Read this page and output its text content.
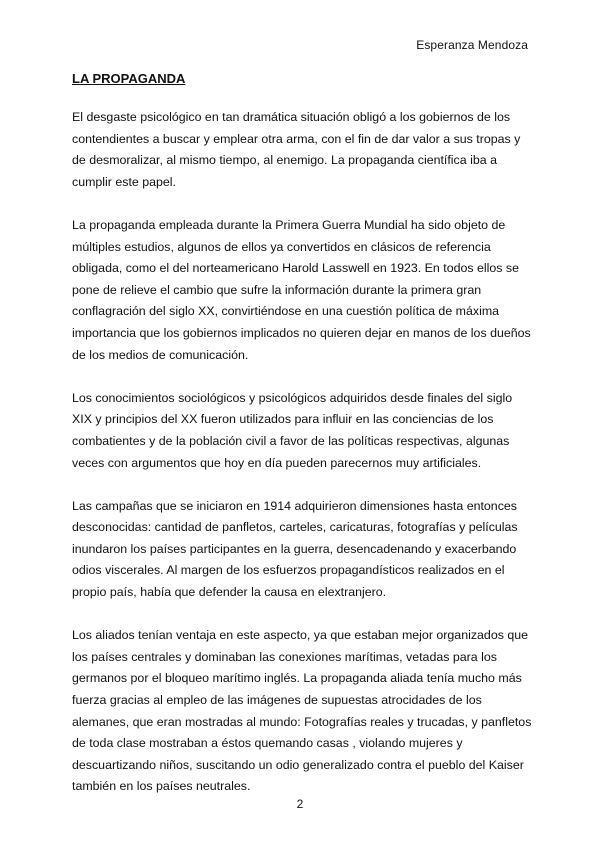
Esperanza Mendoza
LA PROPAGANDA

El desgaste psicológico en tan dramática situación obligó a los gobiernos de los contendientes a buscar y emplear otra arma, con el fin de dar valor a sus tropas y de desmoralizar, al mismo tiempo, al enemigo. La propaganda científica iba a cumplir este papel.

La propaganda empleada durante la Primera Guerra Mundial ha sido objeto de múltiples estudios, algunos de ellos ya convertidos en clásicos de referencia obligada, como el del norteamericano Harold Lasswell en 1923. En todos ellos se pone de relieve el cambio que sufre la información durante la primera gran conflagración del siglo XX, convirtiéndose en una cuestión política de máxima importancia que los gobiernos implicados no quieren dejar en manos de los dueños de los medios de comunicación.

Los conocimientos sociológicos y psicológicos adquiridos desde finales del siglo XIX y principios del XX fueron utilizados para influir en las conciencias de los combatientes y de la población civil a favor de las políticas respectivas, algunas veces con argumentos que hoy en día pueden parecernos muy artificiales.

Las campañas que se iniciaron en 1914 adquirieron dimensiones hasta entonces desconocidas: cantidad de panfletos, carteles, caricaturas, fotografías y películas inundaron los países participantes en la guerra, desencadenando y exacerbando odios viscerales. Al margen de los esfuerzos propagandísticos realizados en el propio país, había que defender la causa en elextranjero.

Los aliados tenían ventaja en este aspecto, ya que estaban mejor organizados que los países centrales y dominaban las conexiones marítimas, vetadas para los germanos por el bloqueo marítimo inglés. La propaganda aliada tenía mucho más fuerza gracias al empleo de las imágenes de supuestas atrocidades de los alemanes, que eran mostradas al mundo: Fotografías reales y trucadas, y panfletos de toda clase mostraban a éstos quemando casas , violando mujeres y descuartizando niños, suscitando un odio generalizado contra el pueblo del Kaiser también en los países neutrales.

2
